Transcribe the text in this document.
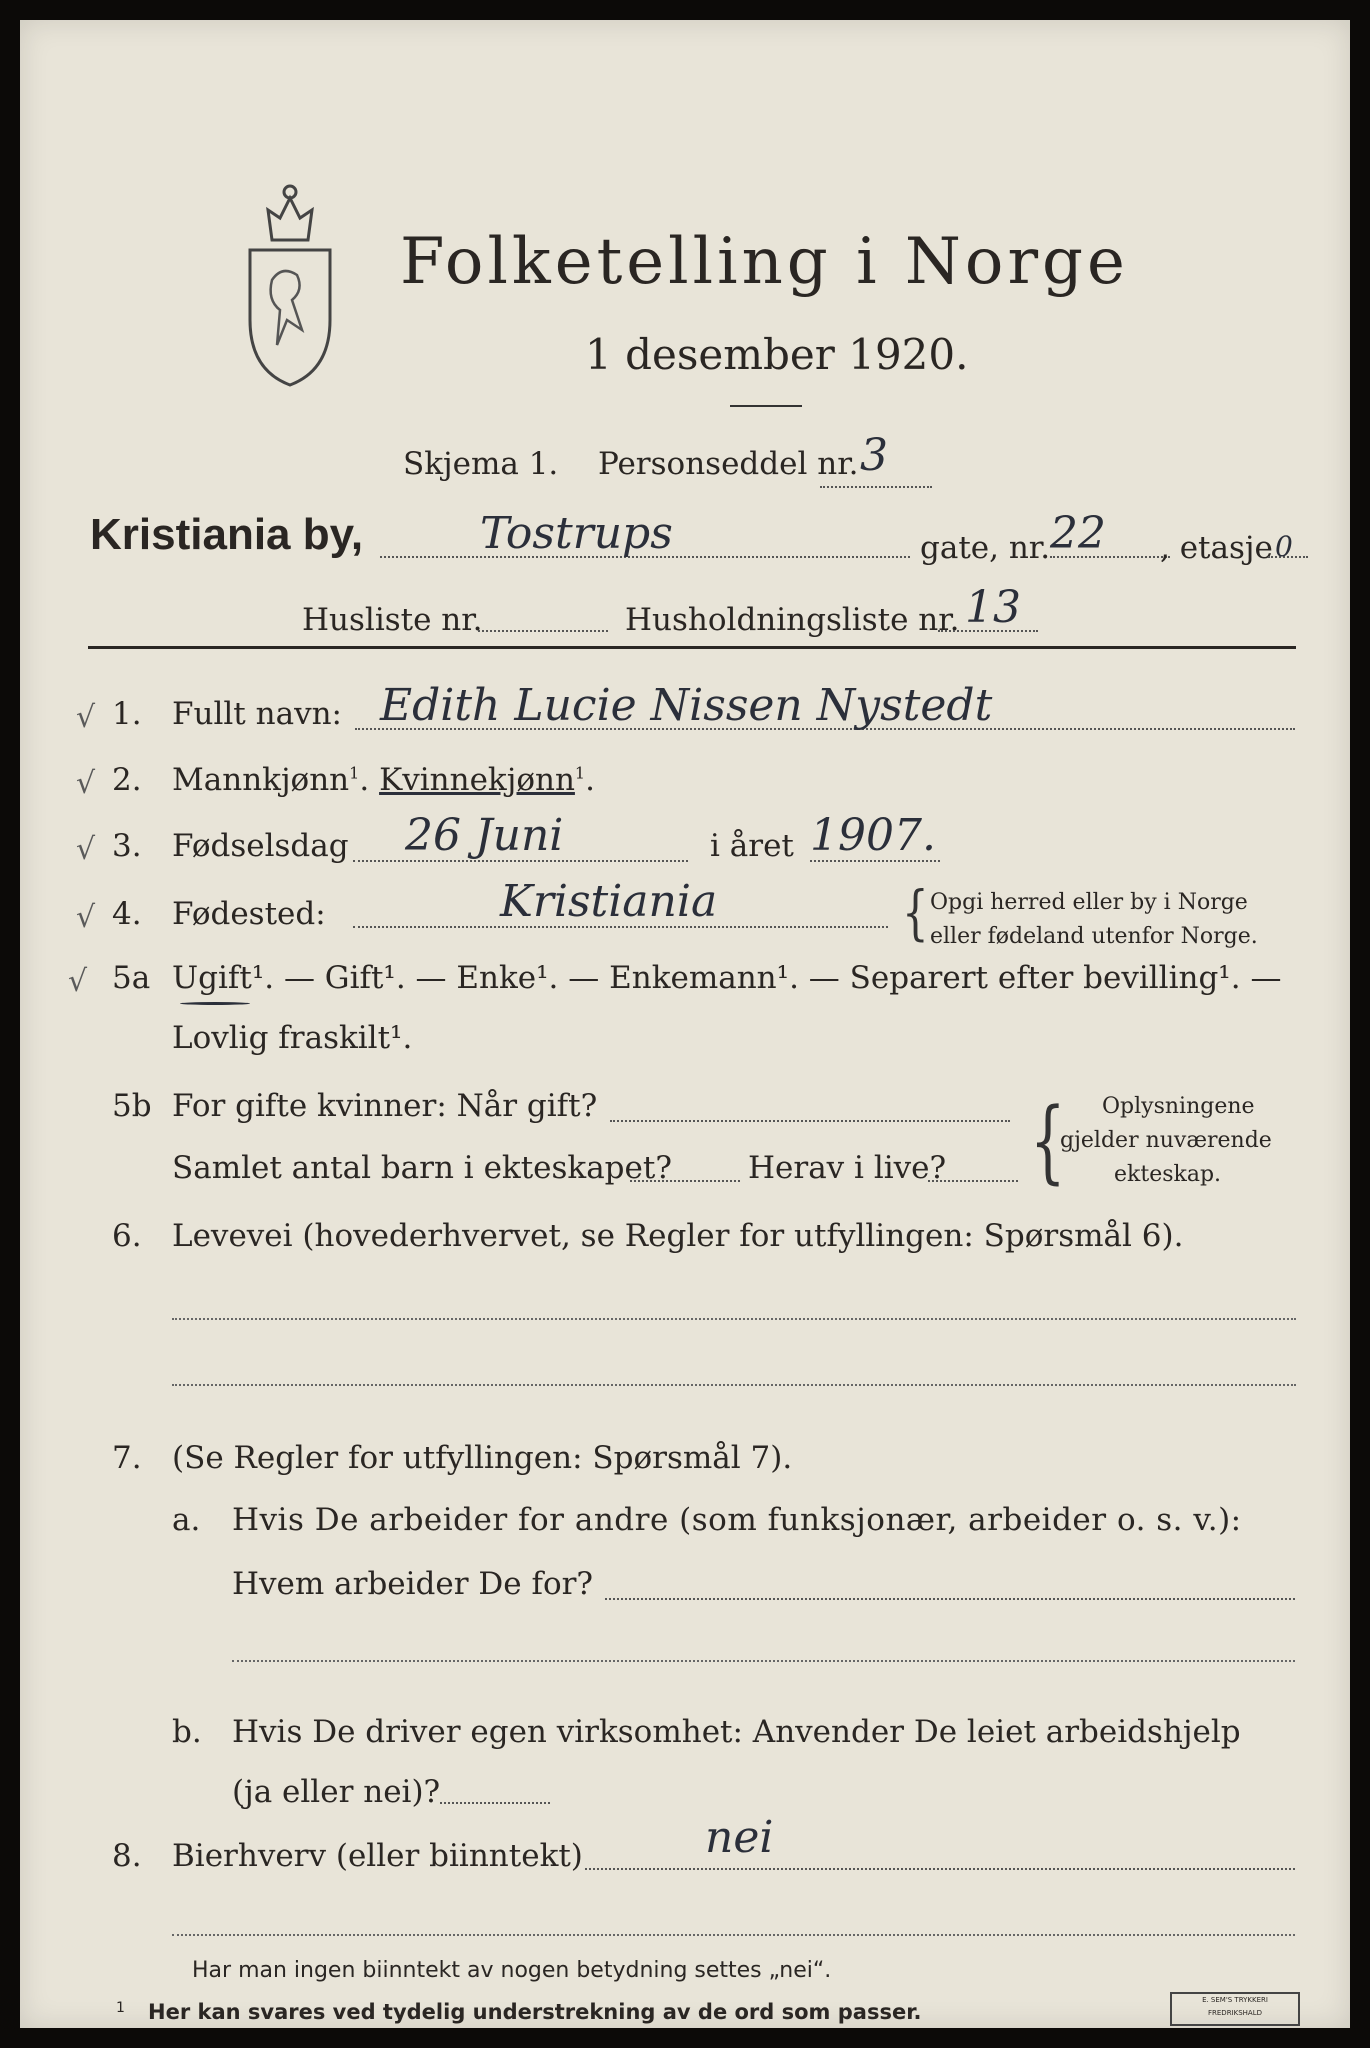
Folketelling i Norge
1 desember 1920.
Skjema 1. Personseddel nr. 3
Kristiania by,	Tostrups	gate, nr. 22 , etasje 0
Husliste nr.	Husholdningsliste nr. 13
√ 1. Fullt navn: Edith Lucie Nissen Nystedt
√ 2. Mannkjønn$^1$. Kvinnekjønn$^1$.
√ 3. Fødselsdag 26 Juni	i året 1907.
√ 4. Fødested:	Kristiania	{ Opgi herred eller by i Norge
eller fødeland utenfor Norge.
√ 5a Ugift¹. — Gift¹. — Enke¹. — Enkemann¹. — Separert efter bevilling¹. —
Lovlig fraskilt¹.
5b For gifte kvinner: Når gift?
Samlet antal barn i ekteskapet? Herav i live? { Oplysningene
gjelder nuværende
ekteskap.
6. Levevei (hovederhvervet, se Regler for utfyllingen: Spørsmål 6).
7. (Se Regler for utfyllingen: Spørsmål 7).
a. Hvis De arbeider for andre (som funksjonær, arbeider o. s. v.):
Hvem arbeider De for?
b. Hvis De driver egen virksomhet: Anvender De leiet arbeidshjelp
(ja eller nei)?
8. Bierhverv (eller biinntekt)	nei
Har man ingen biinntekt av nogen betydning settes „nei“.
1 Her kan svares ved tydelig understrekning av de ord som passer.	E. SEM'S TRYKKERI
FREDRIKSHALD
